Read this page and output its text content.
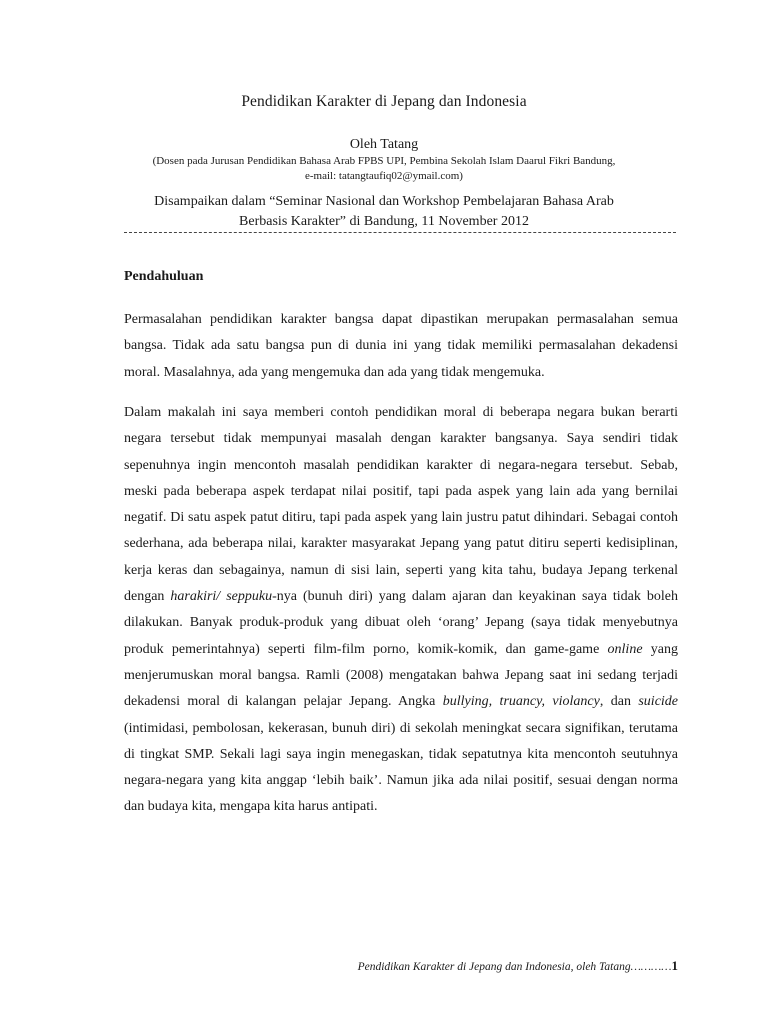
Pendidikan Karakter di Jepang dan Indonesia
Oleh Tatang
(Dosen pada Jurusan Pendidikan Bahasa Arab FPBS UPI, Pembina Sekolah Islam Daarul Fikri Bandung,
e-mail: tatangtaufiq02@ymail.com)
Disampaikan dalam “Seminar Nasional dan Workshop Pembelajaran Bahasa Arab
Berbasis Karakter” di Bandung, 11 November 2012
Pendahuluan

Permasalahan pendidikan karakter bangsa dapat dipastikan merupakan permasalahan semua bangsa. Tidak ada satu bangsa pun di dunia ini yang tidak memiliki permasalahan dekadensi moral. Masalahnya, ada yang mengemuka dan ada yang tidak mengemuka.

Dalam makalah ini saya memberi contoh pendidikan moral di beberapa negara bukan berarti negara tersebut tidak mempunyai masalah dengan karakter bangsanya. Saya sendiri tidak sepenuhnya ingin mencontoh masalah pendidikan karakter di negara-negara tersebut. Sebab, meski pada beberapa aspek terdapat nilai positif, tapi pada aspek yang lain ada yang bernilai negatif. Di satu aspek patut ditiru, tapi pada aspek yang lain justru patut dihindari. Sebagai contoh sederhana, ada beberapa nilai, karakter masyarakat Jepang yang patut ditiru seperti kedisiplinan, kerja keras dan sebagainya, namun di sisi lain, seperti yang kita tahu, budaya Jepang terkenal dengan harakiri/ seppuku-nya (bunuh diri) yang dalam ajaran dan keyakinan saya tidak boleh dilakukan. Banyak produk-produk yang dibuat oleh ‘orang’ Jepang (saya tidak menyebutnya produk pemerintahnya) seperti film-film porno, komik-komik, dan game-game online yang menjerumuskan moral bangsa. Ramli (2008) mengatakan bahwa Jepang saat ini sedang terjadi dekadensi moral di kalangan pelajar Jepang. Angka bullying, truancy, violancy, dan suicide (intimidasi, pembolosan, kekerasan, bunuh diri) di sekolah meningkat secara signifikan, terutama di tingkat SMP. Sekali lagi saya ingin menegaskan, tidak sepatutnya kita mencontoh seutuhnya negara-negara yang kita anggap ‘lebih baik’. Namun jika ada nilai positif, sesuai dengan norma dan budaya kita, mengapa kita harus antipati.

Pendidikan Karakter di Jepang dan Indonesia, oleh Tatang…………1
